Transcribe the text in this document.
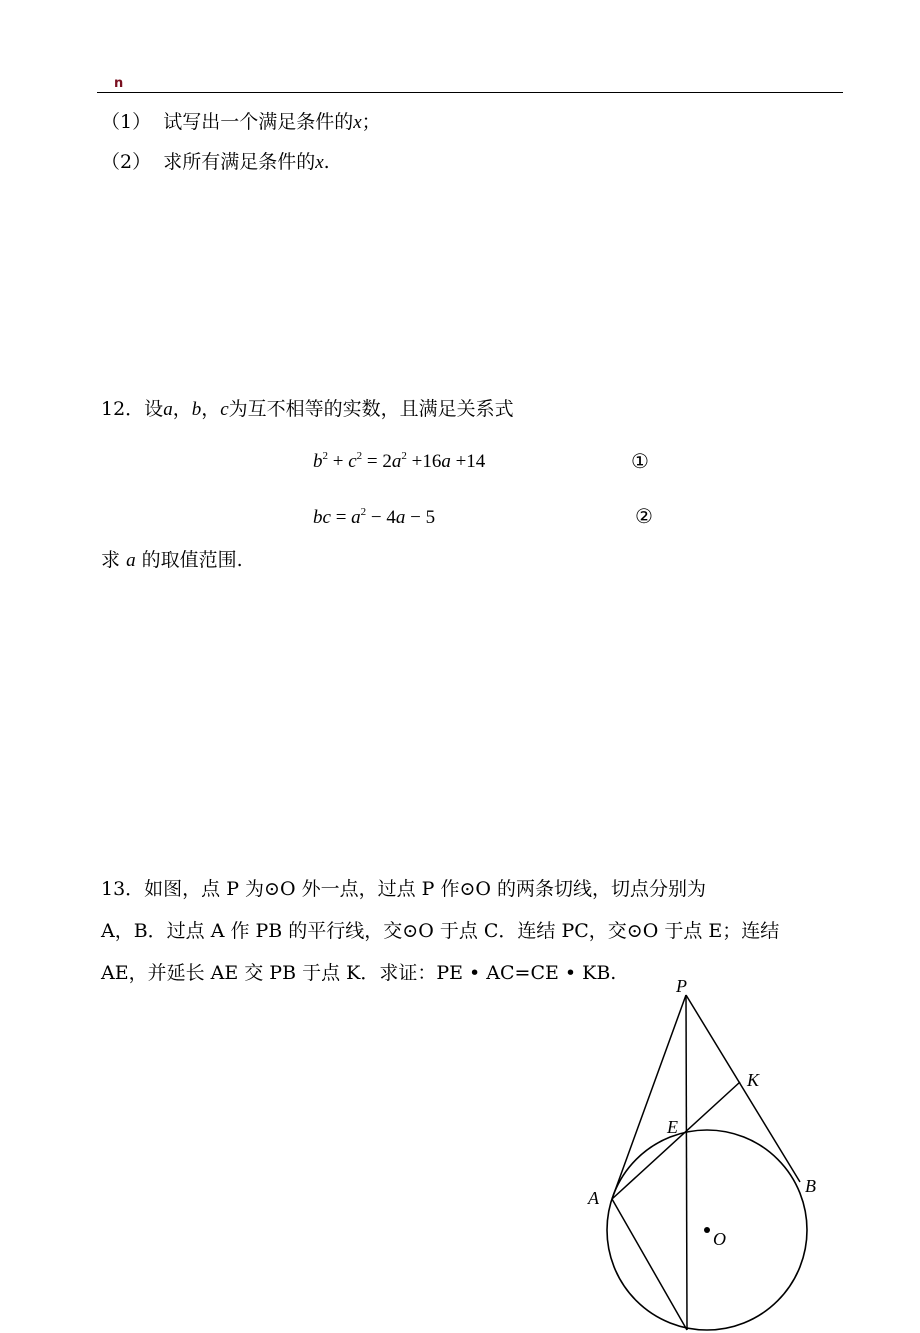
n
（1） 试写出一个满足条件的x；
（2） 求所有满足条件的x.
12．设a，b，c为互不相等的实数，且满足关系式
$b^2 + c^2 = 2a^2 +16a +14$	①
bc = $a^2 - 4a - 5$	②
求 a 的取值范围.
13．如图，点 P 为⊙O 外一点，过点 P 作⊙O 的两条切线，切点分别为
A，B．过点 A 作 PB 的平行线，交⊙O 于点 C．连结 PC，交⊙O 于点 E；连结
AE，并延长 AE 交 PB 于点 K．求证：PE • AC=CE • KB.
P
K
E
A
B
O
